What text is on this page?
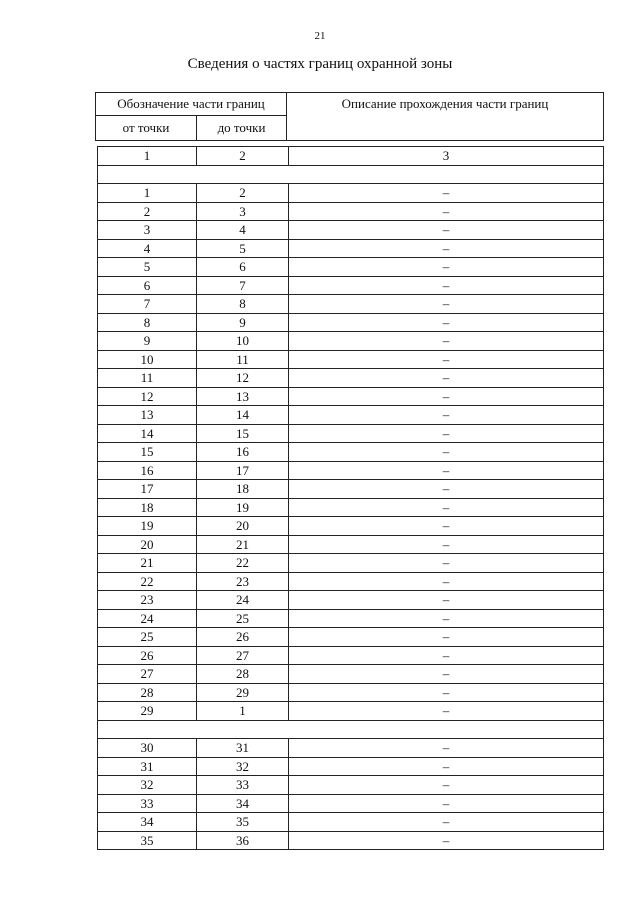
21
Сведения о частях границ охранной зоны
Обозначение части границ		Описание прохождения части границ
от точки	до точки	
1	2	3

1	2	–
2	3	–
3	4	–
4	5	–
5	6	–
6	7	–
7	8	–
8	9	–
9	10	–
10	11	–
11	12	–
12	13	–
13	14	–
14	15	–
15	16	–
16	17	–
17	18	–
18	19	–
19	20	–
20	21	–
21	22	–
22	23	–
23	24	–
24	25	–
25	26	–
26	27	–
27	28	–
28	29	–
29	1	–

30	31	–
31	32	–
32	33	–
33	34	–
34	35	–
35	36	–
